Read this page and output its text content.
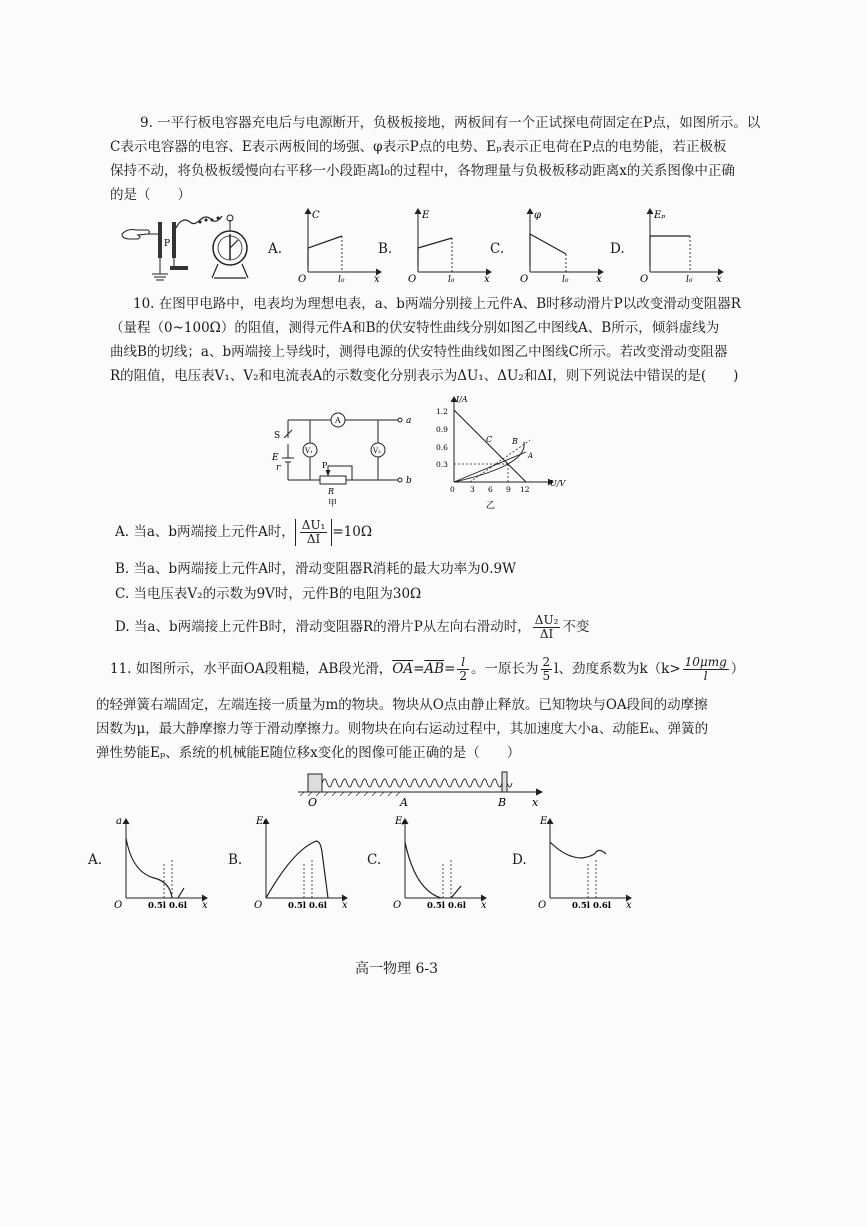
9. 一平行板电容器充电后与电源断开，负极板接地，两板间有一个正试探电荷固定在P点，如图所示。以
C表示电容器的电容、E表示两板间的场强、φ表示P点的电势、Eₚ表示正电荷在P点的电势能，若正极板
保持不动，将负极板缓慢向右平移一小段距离l₀的过程中，各物理量与负极板移动距离x的关系图像中正确
的是（　　）
P	A.
C
O	l₀	x
B.
E
O	l₀	x
C.
φ
O	l₀	x
D.
Eₚ
O	l₀ x
10. 在图甲电路中，电表均为理想电表，a、b两端分别接上元件A、B时移动滑片P以改变滑动变阻器R
（量程（0~100Ω）的阻值，测得元件A和B的伏安特性曲线分别如图乙中图线A、B所示，倾斜虚线为
曲线B的切线；a、b两端接上导线时，测得电源的伏安特性曲线如图乙中图线C所示。若改变滑动变阻器
R的阻值，电压表V₁、V₂和电流表A的示数变化分别表示为ΔU₁、ΔU₂和ΔI，则下列说法中错误的是(　　)
S
E
r
V₁
A
V₂
a
b
P
R
甲
I/A
U/V
1.2
0.9
0.6
0.3
0 3 6 9 12
C B
A
乙
A. 当a、b两端接上元件A时， $\frac{\text{ΔU₁}}{\Delta I} =10\Omega$
B. 当a、b两端接上元件A时，滑动变阻器R消耗的最大功率为0.9W
C. 当电压表V₂的示数为9V时，元件B的电阻为30Ω
D. 当a、b两端接上元件B时，滑动变阻器R的滑片P从左向右滑动时， $\frac{\text{ΔU₂}}{\Delta I}$ 不变
11. 如图所示，水平面OA段粗糙，AB段光滑，$\overline{OA}=\overline{AB}= \frac{l}{2}$ 。一原长为 $\frac{2}{5}$ l、劲度系数为$k(k> \frac{\text{10μmg}}{l}$ ）
的轻弹簧右端固定，左端连接一质量为m的物块。物块从O点由静止释放。已知物块与OA段间的动摩擦
因数为μ，最大静摩擦力等于滑动摩擦力。则物块在向右运动过程中，其加速度大小a、动能Eₖ、弹簧的
弹性势能Eₚ、系统的机械能E随位移x变化的图像可能正确的是（　　）
O	A	B x
A.
a
O	0.5l 0.6l x
B.
Eₖ
O	0.5l 0.6l x
C.
Eₚ
O	0.5l 0.6l x
D.
E
O	0.5l 0.6l x
高一物理 6-3
